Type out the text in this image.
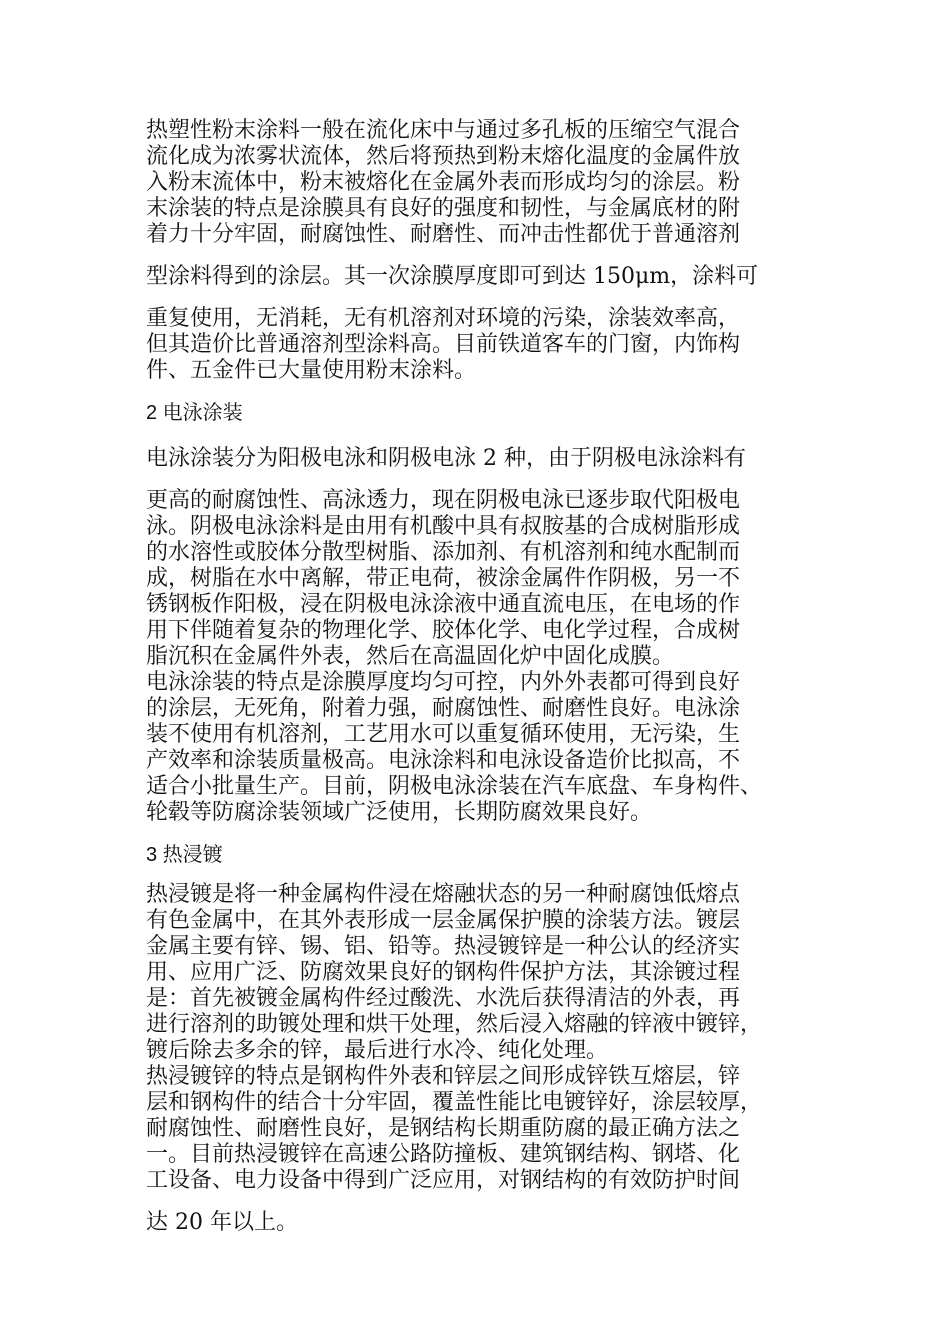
热塑性粉末涂料一般在流化床中与通过多孔板的压缩空气混合

流化成为浓雾状流体，然后将预热到粉末熔化温度的金属件放

入粉末流体中，粉末被熔化在金属外表而形成均匀的涂层。粉

末涂装的特点是涂膜具有良好的强度和韧性，与金属底材的附

着力十分牢固，耐腐蚀性、耐磨性、而冲击性都优于普通溶剂

型涂料得到的涂层。其一次涂膜厚度即可到达 150μm，涂料可

重复使用，无消耗，无有机溶剂对环境的污染，涂装效率高，

但其造价比普通溶剂型涂料高。目前铁道客车的门窗，内饰构

件、五金件已大量使用粉末涂料。

2 电泳涂装

电泳涂装分为阳极电泳和阴极电泳 2 种，由于阴极电泳涂料有

更高的耐腐蚀性、高泳透力，现在阴极电泳已逐步取代阳极电

泳。阴极电泳涂料是由用有机酸中具有叔胺基的合成树脂形成

的水溶性或胶体分散型树脂、添加剂、有机溶剂和纯水配制而

成，树脂在水中离解，带正电荷，被涂金属件作阴极，另一不

锈钢板作阳极，浸在阴极电泳涂液中通直流电压，在电场的作

用下伴随着复杂的物理化学、胶体化学、电化学过程，合成树

脂沉积在金属件外表，然后在高温固化炉中固化成膜。

电泳涂装的特点是涂膜厚度均匀可控，内外外表都可得到良好

的涂层，无死角，附着力强，耐腐蚀性、耐磨性良好。电泳涂

装不使用有机溶剂，工艺用水可以重复循环使用，无污染，生

产效率和涂装质量极高。电泳涂料和电泳设备造价比拟高，不

适合小批量生产。目前，阴极电泳涂装在汽车底盘、车身构件、

轮毂等防腐涂装领域广泛使用，长期防腐效果良好。

3 热浸镀

热浸镀是将一种金属构件浸在熔融状态的另一种耐腐蚀低熔点

有色金属中，在其外表形成一层金属保护膜的涂装方法。镀层

金属主要有锌、锡、铝、铅等。热浸镀锌是一种公认的经济实

用、应用广泛、防腐效果良好的钢构件保护方法，其涂镀过程

是：首先被镀金属构件经过酸洗、水洗后获得清洁的外表，再

进行溶剂的助镀处理和烘干处理，然后浸入熔融的锌液中镀锌，

镀后除去多余的锌，最后进行水冷、纯化处理。

热浸镀锌的特点是钢构件外表和锌层之间形成锌铁互熔层，锌

层和钢构件的结合十分牢固，覆盖性能比电镀锌好，涂层较厚，

耐腐蚀性、耐磨性良好，是钢结构长期重防腐的最正确方法之

一。目前热浸镀锌在高速公路防撞板、建筑钢结构、钢塔、化

工设备、电力设备中得到广泛应用，对钢结构的有效防护时间

达 20 年以上。
